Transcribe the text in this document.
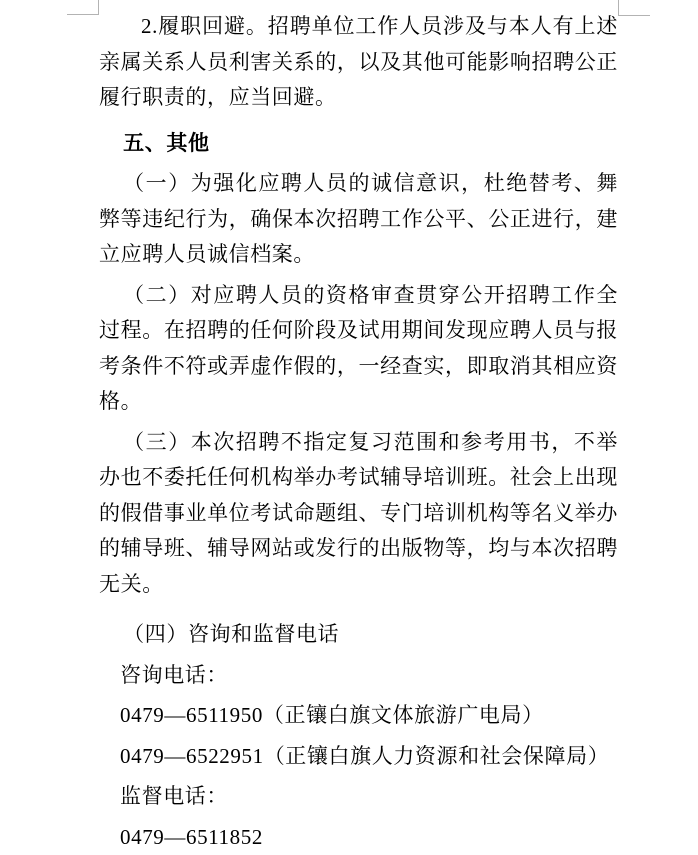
2.履职回避。招聘单位工作人员涉及与本人有上述亲属关系人员利害关系的，以及其他可能影响招聘公正履行职责的，应当回避。

五、其他

（一）为强化应聘人员的诚信意识，杜绝替考、舞弊等违纪行为，确保本次招聘工作公平、公正进行，建立应聘人员诚信档案。

（二）对应聘人员的资格审查贯穿公开招聘工作全过程。在招聘的任何阶段及试用期间发现应聘人员与报考条件不符或弄虚作假的，一经查实，即取消其相应资格。

（三）本次招聘不指定复习范围和参考用书，不举办也不委托任何机构举办考试辅导培训班。社会上出现的假借事业单位考试命题组、专门培训机构等名义举办的辅导班、辅导网站或发行的出版物等，均与本次招聘无关。

（四）咨询和监督电话

咨询电话：

0479—6511950（正镶白旗文体旅游广电局）

0479—6522951（正镶白旗人力资源和社会保障局）

监督电话：

0479—6511852
